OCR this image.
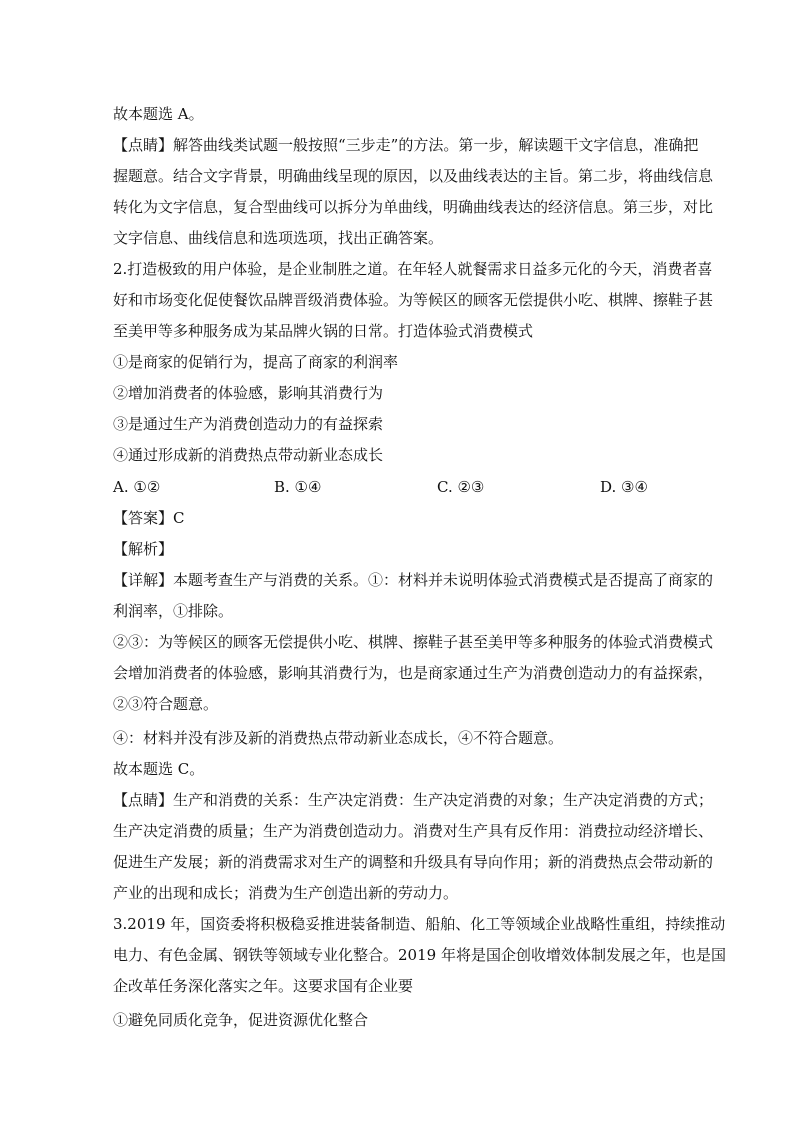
故本题选 A。
【点睛】解答曲线类试题一般按照“三步走”的方法。第一步，解读题干文字信息，准确把
握题意。结合文字背景，明确曲线呈现的原因，以及曲线表达的主旨。第二步，将曲线信息
转化为文字信息，复合型曲线可以拆分为单曲线，明确曲线表达的经济信息。第三步，对比
文字信息、曲线信息和选项选项，找出正确答案。
2.打造极致的用户体验，是企业制胜之道。在年轻人就餐需求日益多元化的今天，消费者喜
好和市场变化促使餐饮品牌晋级消费体验。为等候区的顾客无偿提供小吃、棋牌、擦鞋子甚
至美甲等多种服务成为某品牌火锅的日常。打造体验式消费模式
①是商家的促销行为，提高了商家的利润率
②增加消费者的体验感，影响其消费行为
③是通过生产为消费创造动力的有益探索
④通过形成新的消费热点带动新业态成长
A. ①②	B. ①④	C. ②③	D. ③④
【答案】C
【解析】
【详解】本题考查生产与消费的关系。①：材料并未说明体验式消费模式是否提高了商家的
利润率，①排除。
②③：为等候区的顾客无偿提供小吃、棋牌、擦鞋子甚至美甲等多种服务的体验式消费模式
会增加消费者的体验感，影响其消费行为，也是商家通过生产为消费创造动力的有益探索，
②③符合题意。
④：材料并没有涉及新的消费热点带动新业态成长，④不符合题意。
故本题选 C。
【点睛】生产和消费的关系：生产决定消费：生产决定消费的对象；生产决定消费的方式；
生产决定消费的质量；生产为消费创造动力。消费对生产具有反作用：消费拉动经济增长、
促进生产发展；新的消费需求对生产的调整和升级具有导向作用；新的消费热点会带动新的
产业的出现和成长；消费为生产创造出新的劳动力。
3.2019 年，国资委将积极稳妥推进装备制造、船舶、化工等领域企业战略性重组，持续推动
电力、有色金属、钢铁等领域专业化整合。2019 年将是国企创收增效体制发展之年，也是国
企改革任务深化落实之年。这要求国有企业要
①避免同质化竞争，促进资源优化整合
